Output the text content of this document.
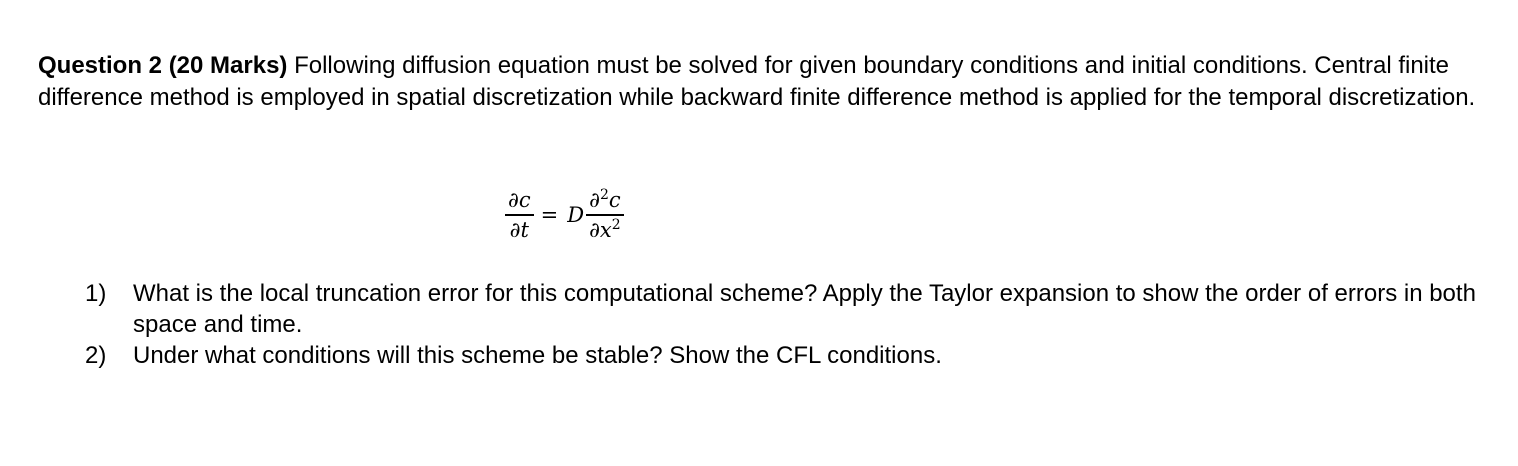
Question 2 (20 Marks) Following diffusion equation must be solved for given boundary conditions and initial conditions. Central finite difference method is employed in spatial discretization while backward finite difference method is applied for the temporal discretization.
$\frac{\partial c}{\partial t} = D \frac{\partial^2c}{\partial x^2}$
1)	What is the local truncation error for this computational scheme? Apply the Taylor expansion to show the order of errors in both space and time.
2)	Under what conditions will this scheme be stable? Show the CFL conditions.
